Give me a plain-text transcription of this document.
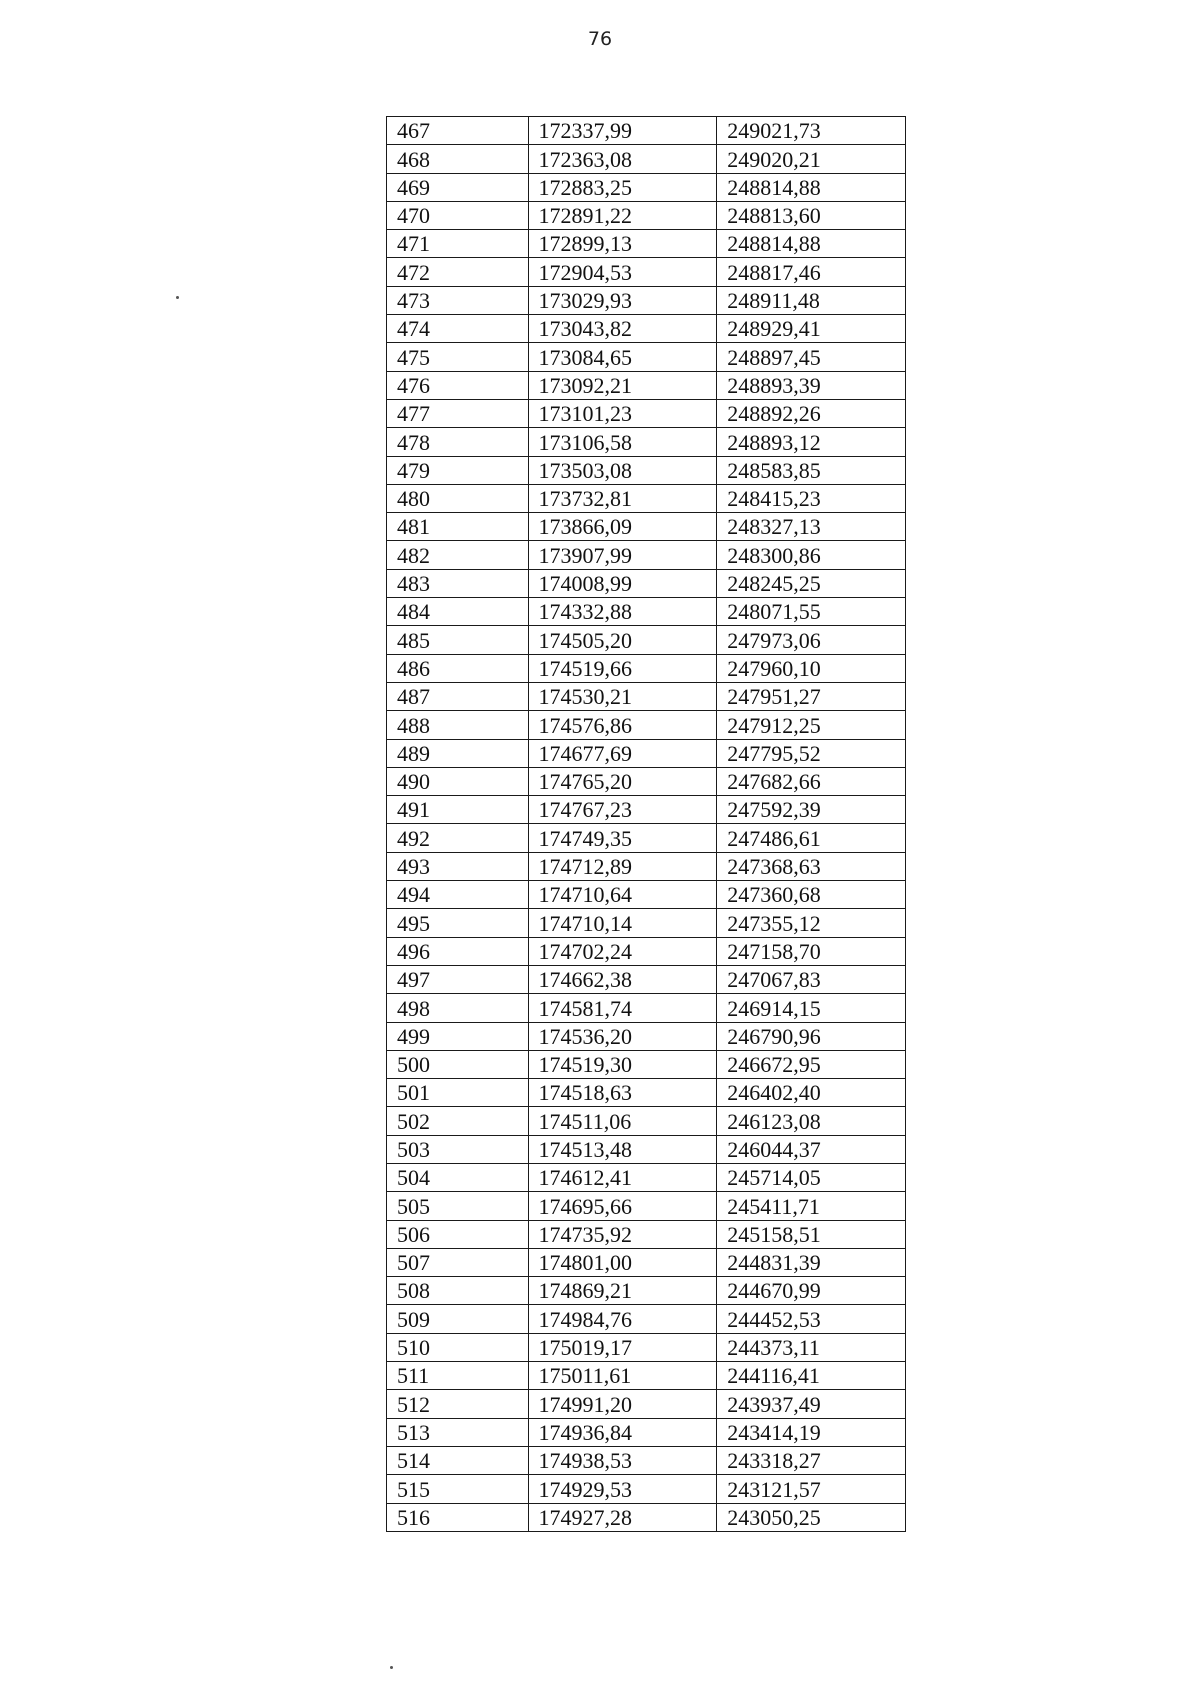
76
467	172337,99	249021,73
468	172363,08	249020,21
469	172883,25	248814,88
470	172891,22	248813,60
471	172899,13	248814,88
472	172904,53	248817,46
473	173029,93	248911,48
474	173043,82	248929,41
475	173084,65	248897,45
476	173092,21	248893,39
477	173101,23	248892,26
478	173106,58	248893,12
479	173503,08	248583,85
480	173732,81	248415,23
481	173866,09	248327,13
482	173907,99	248300,86
483	174008,99	248245,25
484	174332,88	248071,55
485	174505,20	247973,06
486	174519,66	247960,10
487	174530,21	247951,27
488	174576,86	247912,25
489	174677,69	247795,52
490	174765,20	247682,66
491	174767,23	247592,39
492	174749,35	247486,61
493	174712,89	247368,63
494	174710,64	247360,68
495	174710,14	247355,12
496	174702,24	247158,70
497	174662,38	247067,83
498	174581,74	246914,15
499	174536,20	246790,96
500	174519,30	246672,95
501	174518,63	246402,40
502	174511,06	246123,08
503	174513,48	246044,37
504	174612,41	245714,05
505	174695,66	245411,71
506	174735,92	245158,51
507	174801,00	244831,39
508	174869,21	244670,99
509	174984,76	244452,53
510	175019,17	244373,11
511	175011,61	244116,41
512	174991,20	243937,49
513	174936,84	243414,19
514	174938,53	243318,27
515	174929,53	243121,57
516	174927,28	243050,25
